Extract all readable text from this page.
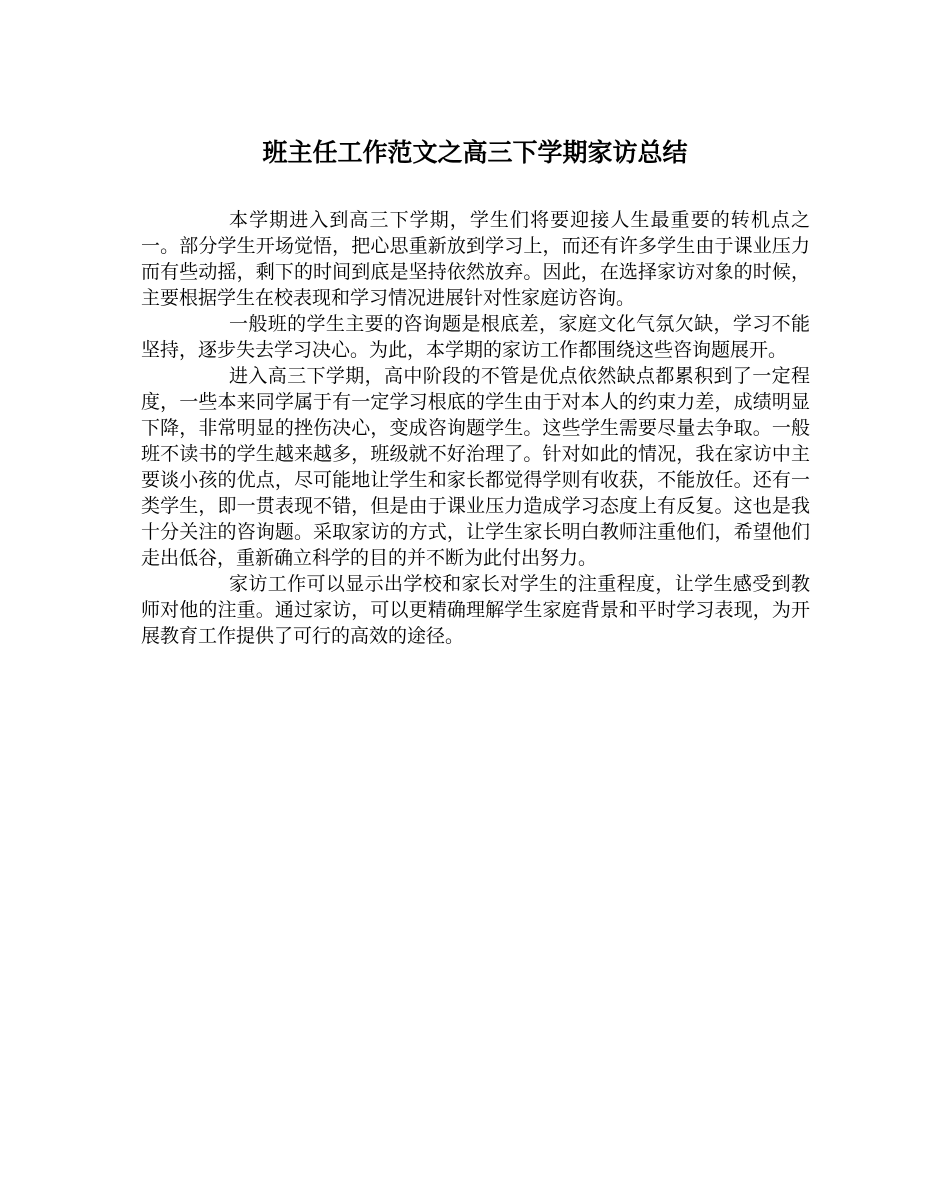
班主任工作范文之高三下学期家访总结

本学期进入到高三下学期，学生们将要迎接人生最重要的转机点之一。部分学生开场觉悟，把心思重新放到学习上，而还有许多学生由于课业压力而有些动摇，剩下的时间到底是坚持依然放弃。因此，在选择家访对象的时候，主要根据学生在校表现和学习情况进展针对性家庭访咨询。

一般班的学生主要的咨询题是根底差，家庭文化气氛欠缺，学习不能坚持，逐步失去学习决心。为此，本学期的家访工作都围绕这些咨询题展开。

进入高三下学期，高中阶段的不管是优点依然缺点都累积到了一定程度，一些本来同学属于有一定学习根底的学生由于对本人的约束力差，成绩明显下降，非常明显的挫伤决心，变成咨询题学生。这些学生需要尽量去争取。一般班不读书的学生越来越多，班级就不好治理了。针对如此的情况，我在家访中主要谈小孩的优点，尽可能地让学生和家长都觉得学则有收获，不能放任。还有一类学生，即一贯表现不错，但是由于课业压力造成学习态度上有反复。这也是我十分关注的咨询题。采取家访的方式，让学生家长明白教师注重他们，希望他们走出低谷，重新确立科学的目的并不断为此付出努力。

家访工作可以显示出学校和家长对学生的注重程度，让学生感受到教师对他的注重。通过家访，可以更精确理解学生家庭背景和平时学习表现，为开展教育工作提供了可行的高效的途径。
